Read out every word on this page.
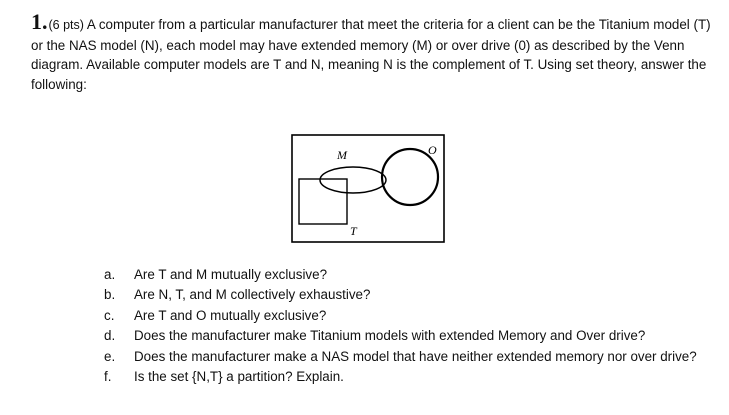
1.(6 pts) A computer from a particular manufacturer that meet the criteria for a client can be the Titanium model (T) or the NAS model (N), each model may have extended memory (M) or over drive (0) as described by the Venn diagram. Available computer models are T and N, meaning N is the complement of T. Using set theory, answer the following:
M	O
T
a.	Are T and M mutually exclusive?
b.	Are N, T, and M collectively exhaustive?
c.	Are T and O mutually exclusive?
d.	Does the manufacturer make Titanium models with extended Memory and Over drive?
e.	Does the manufacturer make a NAS model that have neither extended memory nor over drive?
f.	Is the set {N,T} a partition? Explain.
